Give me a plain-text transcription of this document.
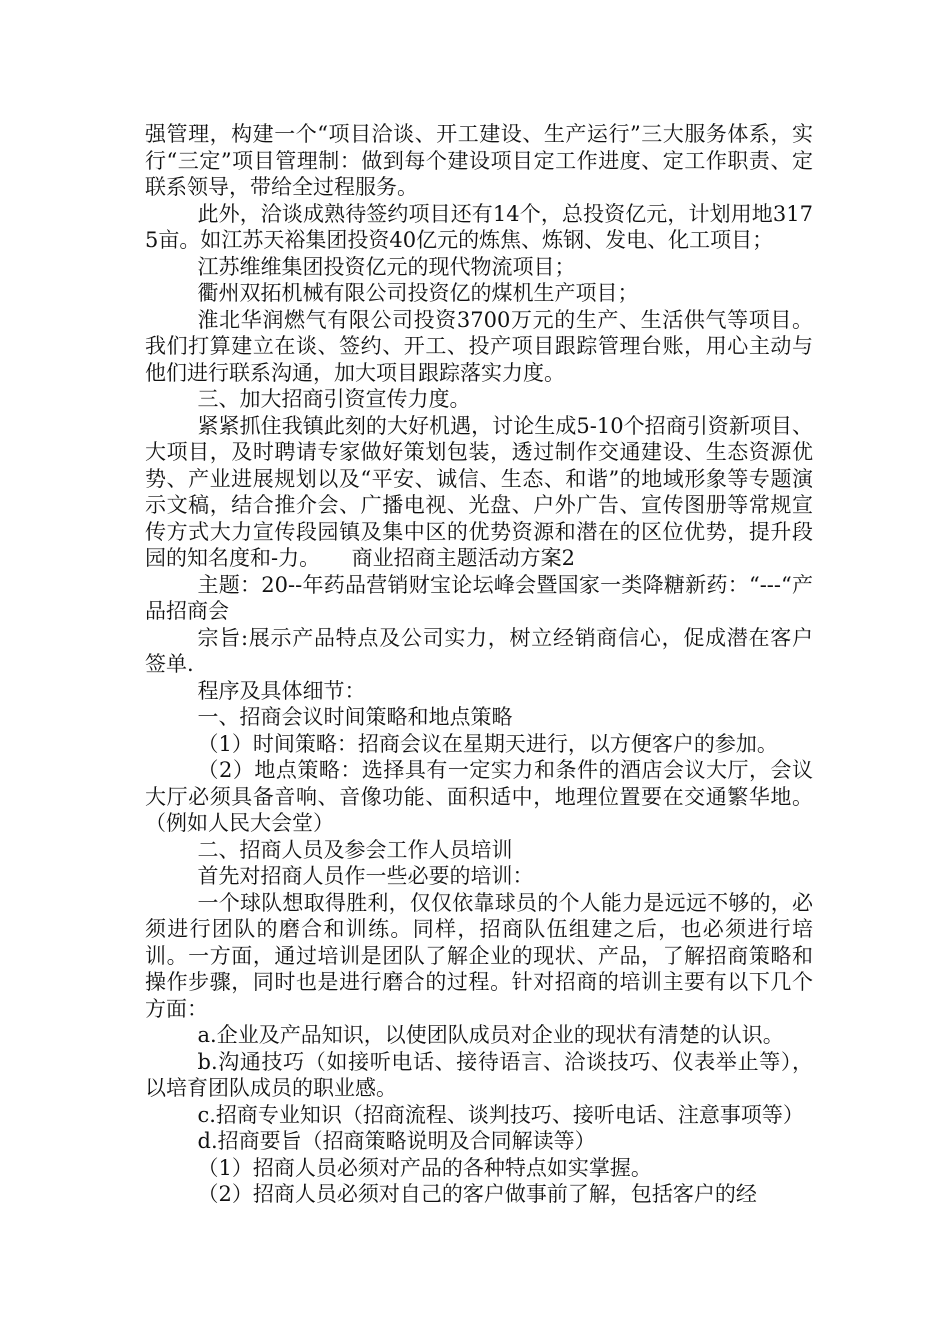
强管理，构建一个“项目洽谈、开工建设、生产运行”三大服务体系，实行“三定”项目管理制：做到每个建设项目定工作进度、定工作职责、定联系领导，带给全过程服务。

此外，洽谈成熟待签约项目还有14个，总投资亿元，计划用地3175亩。如江苏天裕集团投资40亿元的炼焦、炼钢、发电、化工项目；

江苏维维集团投资亿元的现代物流项目；

衢州双拓机械有限公司投资亿的煤机生产项目；

淮北华润燃气有限公司投资3700万元的生产、生活供气等项目。我们打算建立在谈、签约、开工、投产项目跟踪管理台账，用心主动与他们进行联系沟通，加大项目跟踪落实力度。

三、加大招商引资宣传力度。

紧紧抓住我镇此刻的大好机遇，讨论生成5-10个招商引资新项目、大项目，及时聘请专家做好策划包装，透过制作交通建设、生态资源优势、产业进展规划以及“平安、诚信、生态、和谐”的地域形象等专题演示文稿，结合推介会、广播电视、光盘、户外广告、宣传图册等常规宣传方式大力宣传段园镇及集中区的优势资源和潜在的区位优势，提升段园的知名度和-力。　　商业招商主题活动方案2

主题：20--年药品营销财宝论坛峰会暨国家一类降糖新药：“---“产品招商会

宗旨:展示产品特点及公司实力，树立经销商信心，促成潜在客户签单.

程序及具体细节：

一、招商会议时间策略和地点策略

（1）时间策略：招商会议在星期天进行，以方便客户的参加。

（2）地点策略：选择具有一定实力和条件的酒店会议大厅，会议大厅必须具备音响、音像功能、面积适中，地理位置要在交通繁华地。（例如人民大会堂）

二、招商人员及参会工作人员培训

首先对招商人员作一些必要的培训：

一个球队想取得胜利，仅仅依靠球员的个人能力是远远不够的，必须进行团队的磨合和训练。同样，招商队伍组建之后，也必须进行培训。一方面，通过培训是团队了解企业的现状、产品，了解招商策略和操作步骤，同时也是进行磨合的过程。针对招商的培训主要有以下几个方面：

a.企业及产品知识，以使团队成员对企业的现状有清楚的认识。

b.沟通技巧（如接听电话、接待语言、洽谈技巧、仪表举止等），以培育团队成员的职业感。

c.招商专业知识（招商流程、谈判技巧、接听电话、注意事项等）

d.招商要旨（招商策略说明及合同解读等）

（1）招商人员必须对产品的各种特点如实掌握。

（2）招商人员必须对自己的客户做事前了解，包括客户的经
